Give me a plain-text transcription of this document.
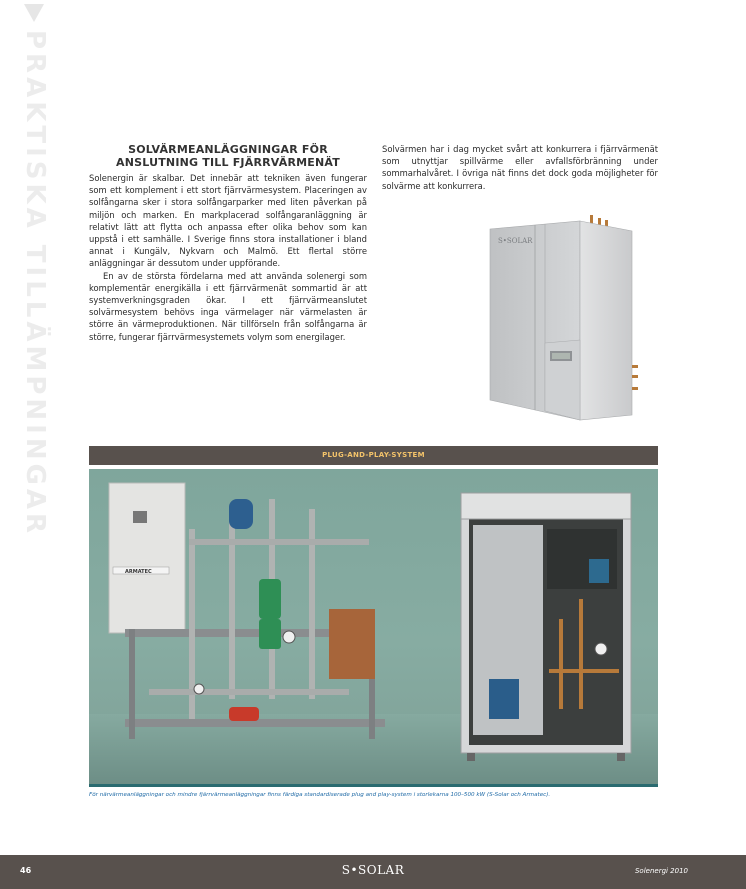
PRAKTISKA TILLÄMPNINGAR	SOLVÄRMEANLÄGGNINGAR FÖR
ANSLUTNING TILL FJÄRRVÄRMENÄT

Solenergin är skalbar. Det innebär att tekniken även fungerar som ett komplement i ett stort fjärrvärmesystem. Placeringen av solfångarna sker i stora solfångarparker med liten påverkan på miljön och marken. En markplacerad solfångaranläggning är relativt lätt att flytta och anpassa efter olika behov som kan uppstå i ett samhälle. I Sverige finns stora installationer i bland annat i Kungälv, Nykvarn och Malmö. Ett flertal större anläggningar är dessutom under uppförande.

En av de största fördelarna med att använda solenergi som komplementär energikälla i ett fjärrvärmenät sommartid är att systemverkningsgraden ökar. I ett fjärrvärmeanslutet solvärmesystem behövs inga värmelager när värmelasten är större än värmeproduktionen. När tillförseln från solfångarna är större, fungerar fjärrvärmesystemets volym som energilager.

Solvärmen har i dag mycket svårt att konkurrera i fjärrvärmenät som utnyttjar spillvärme eller avfallsförbränning under sommarhalvåret. I övriga nät finns det dock goda möjligheter för solvärme att konkurrera.

S•SOLAR
PLUG-AND-PLAY-SYSTEM
ARMATEC
För närvärmeanläggningar och mindre fjärrvärmeanläggningar finns färdiga standardiserade plug and play-system i storlekarna 100–500 kW (S-Solar och Armatec).
46	S•SOLAR	Solenergi 2010
